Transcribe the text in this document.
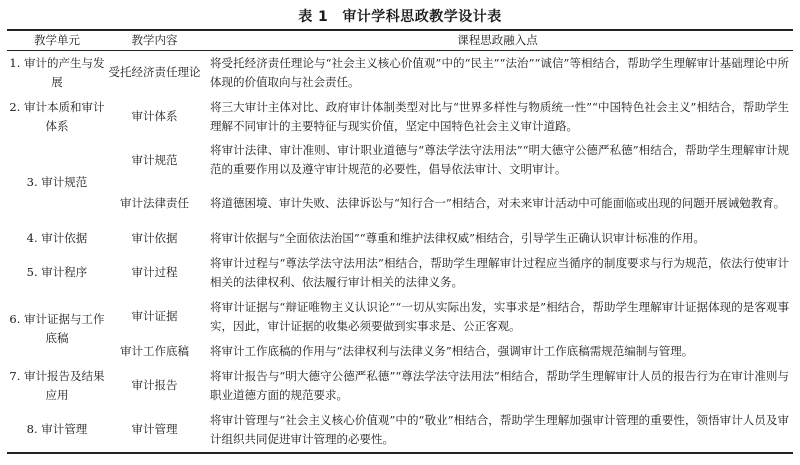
表 1 审计学科思政教学设计表
教学单元	教学内容	课程思政融入点
1. 审计的产生与发展	受托经济责任理论	将受托经济责任理论与“社会主义核心价值观”中的“民主”“法治”“诚信”等相结合，帮助学生理解审计基础理论中所体现的价值取向与社会责任。
2. 审计本质和审计体系	审计体系	将三大审计主体对比、政府审计体制类型对比与“世界多样性与物质统一性”“中国特色社会主义”相结合，帮助学生理解不同审计的主要特征与现实价值，坚定中国特色社会主义审计道路。
3. 审计规范	审计规范	将审计法律、审计准则、审计职业道德与“尊法学法守法用法”“明大德守公德严私德”相结合，帮助学生理解审计规范的重要作用以及遵守审计规范的必要性，倡导依法审计、文明审计。
	审计法律责任	将道德困境、审计失败、法律诉讼与“知行合一”相结合，对未来审计活动中可能面临或出现的问题开展诫勉教育。
4. 审计依据	审计依据	将审计依据与“全面依法治国”“尊重和维护法律权威”相结合，引导学生正确认识审计标准的作用。
5. 审计程序	审计过程	将审计过程与“尊法学法守法用法”相结合，帮助学生理解审计过程应当循序的制度要求与行为规范，依法行使审计相关的法律权利、依法履行审计相关的法律义务。
6. 审计证据与工作底稿	审计证据	将审计证据与“辩证唯物主义认识论”“一切从实际出发，实事求是”相结合，帮助学生理解审计证据体现的是客观事实，因此，审计证据的收集必须要做到实事求是、公正客观。
	审计工作底稿	将审计工作底稿的作用与“法律权利与法律义务”相结合，强调审计工作底稿需规范编制与管理。
7. 审计报告及结果应用	审计报告	将审计报告与“明大德守公德严私德”“尊法学法守法用法”相结合，帮助学生理解审计人员的报告行为在审计准则与职业道德方面的规范要求。
8. 审计管理	审计管理	将审计管理与“社会主义核心价值观”中的“敬业”相结合，帮助学生理解加强审计管理的重要性，领悟审计人员及审计组织共同促进审计管理的必要性。
